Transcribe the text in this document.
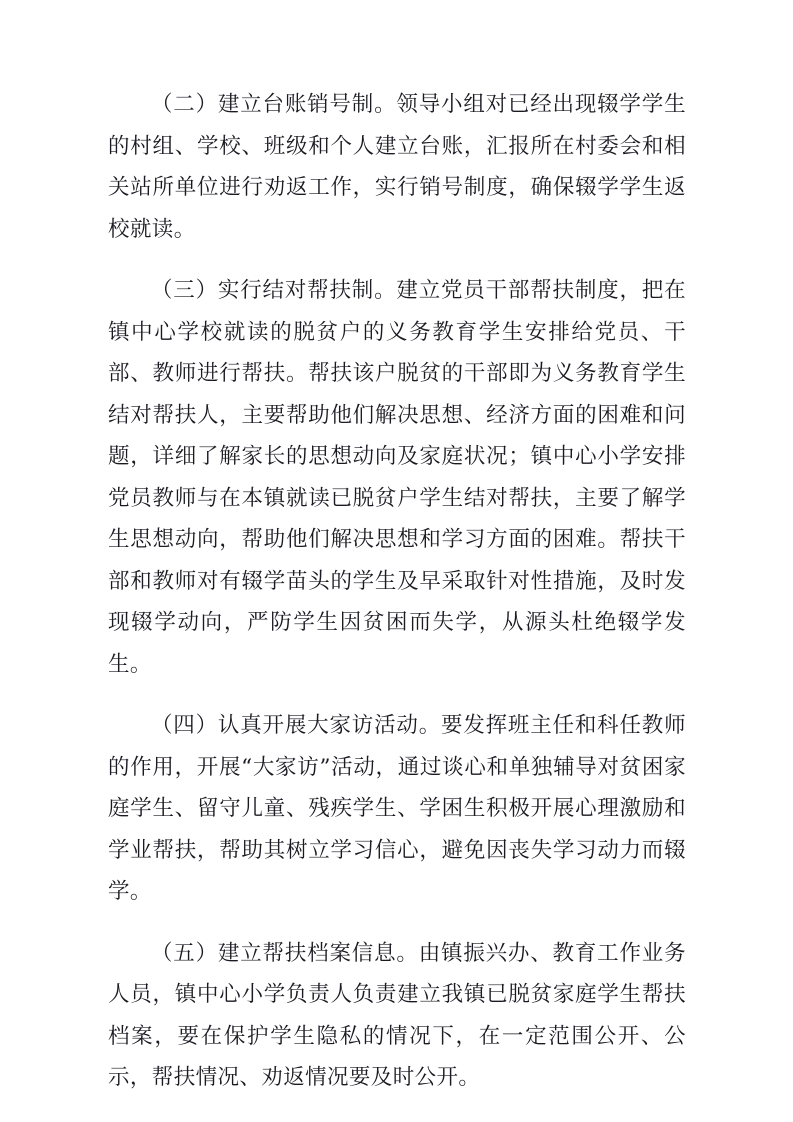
（二）建立台账销号制。领导小组对已经出现辍学学生的村组、学校、班级和个人建立台账，汇报所在村委会和相关站所单位进行劝返工作，实行销号制度，确保辍学学生返校就读。

（三）实行结对帮扶制。建立党员干部帮扶制度，把在镇中心学校就读的脱贫户的义务教育学生安排给党员、干部、教师进行帮扶。帮扶该户脱贫的干部即为义务教育学生结对帮扶人，主要帮助他们解决思想、经济方面的困难和问题，详细了解家长的思想动向及家庭状况；镇中心小学安排党员教师与在本镇就读已脱贫户学生结对帮扶，主要了解学生思想动向，帮助他们解决思想和学习方面的困难。帮扶干部和教师对有辍学苗头的学生及早采取针对性措施，及时发现辍学动向，严防学生因贫困而失学，从源头杜绝辍学发生。

（四）认真开展大家访活动。要发挥班主任和科任教师的作用，开展“大家访”活动，通过谈心和单独辅导对贫困家庭学生、留守儿童、残疾学生、学困生积极开展心理激励和学业帮扶，帮助其树立学习信心，避免因丧失学习动力而辍学。

（五）建立帮扶档案信息。由镇振兴办、教育工作业务人员，镇中心小学负责人负责建立我镇已脱贫家庭学生帮扶档案，要在保护学生隐私的情况下，在一定范围公开、公示，帮扶情况、劝返情况要及时公开。
